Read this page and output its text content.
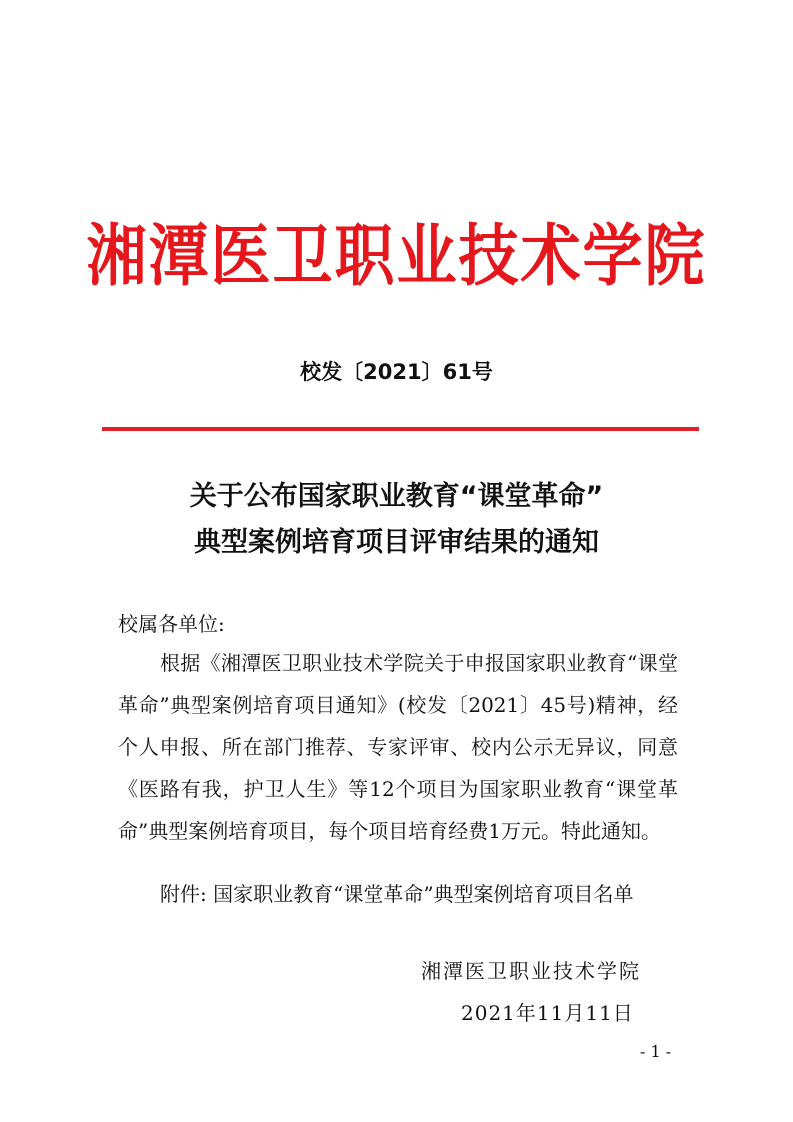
湘潭医卫职业技术学院
校发〔2021〕61号
关于公布国家职业教育“课堂革命”
典型案例培育项目评审结果的通知
校属各单位:
根据《湘潭医卫职业技术学院关于申报国家职业教育“课堂革命”典型案例培育项目通知》(校发〔2021〕45号)精神，经个人申报、所在部门推荐、专家评审、校内公示无异议，同意《医路有我，护卫人生》等12个项目为国家职业教育“课堂革命”典型案例培育项目，每个项目培育经费1万元。特此通知。
附件: 国家职业教育“课堂革命”典型案例培育项目名单
湘潭医卫职业技术学院
2021年11月11日
- 1 -
